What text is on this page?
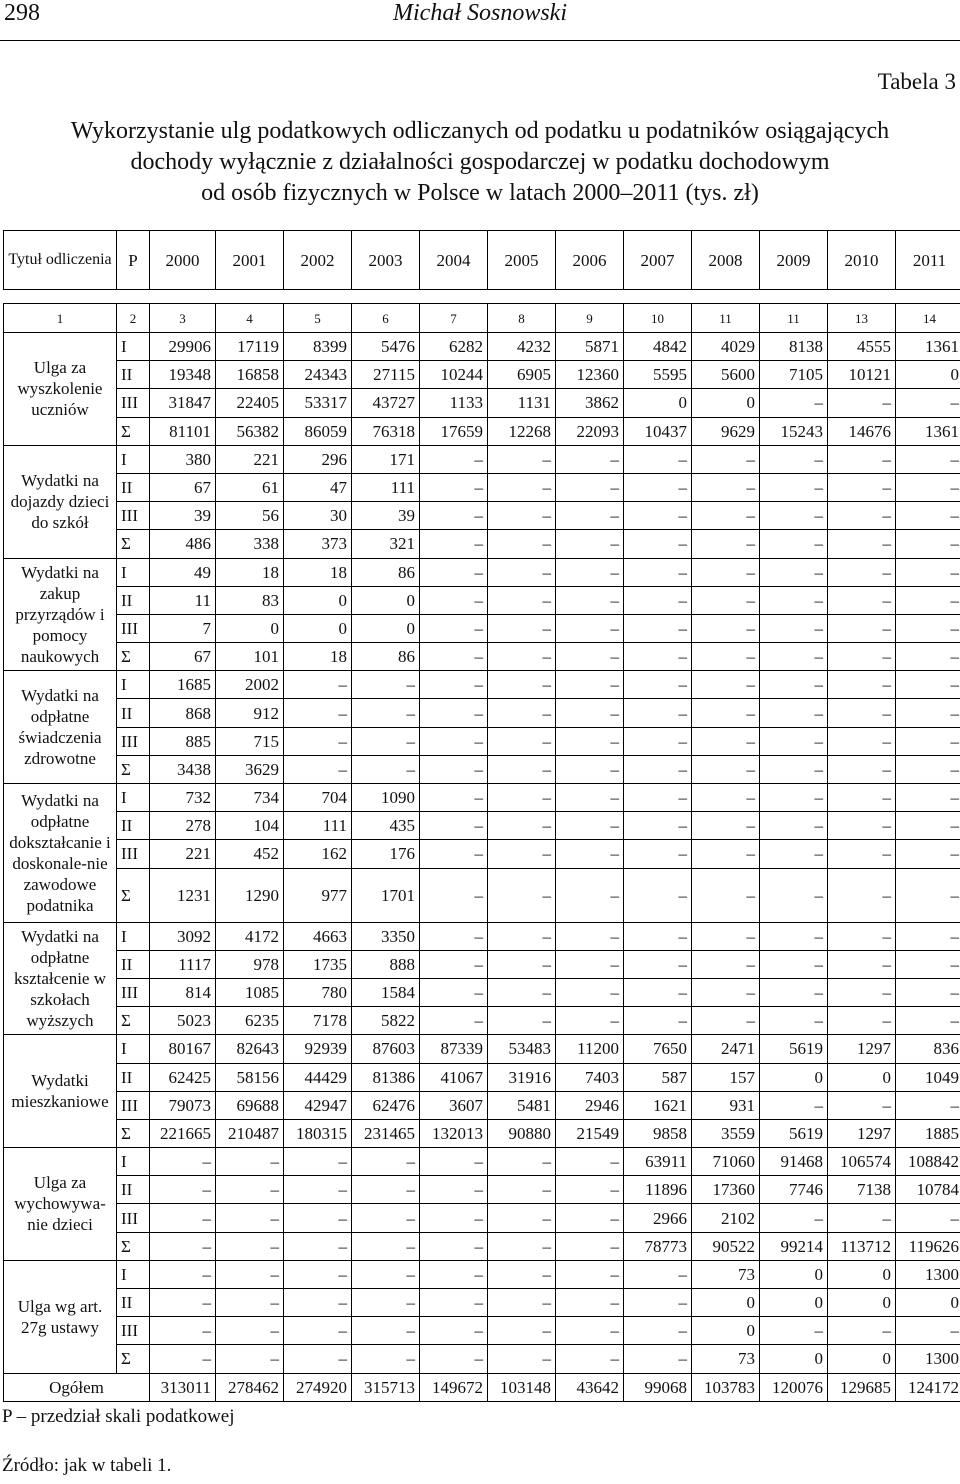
298	Michał Sosnowski
Tabela 3
Wykorzystanie ulg podatkowych odliczanych od podatku u podatników osiągających
dochody wyłącznie z działalności gospodarczej w podatku dochodowym
od osób fizycznych w Polsce w latach 2000–2011 (tys. zł)
Tytuł odliczenia	P	2000	2001	2002	2003	2004	2005	2006	2007	2008	2009	2010	2011

1	2	3	4	5	6	7	8	9	10	11	11	13	14
Ulga za wyszkolenie uczniów	I	29906	17119	8399	5476	6282	4232	5871	4842	4029	8138	4555	1361
	II	19348	16858	24343	27115	10244	6905	12360	5595	5600	7105	10121	0
	III	31847	22405	53317	43727	1133	1131	3862	0	0	–	–	–
	Σ	81101	56382	86059	76318	17659	12268	22093	10437	9629	15243	14676	1361
Wydatki na dojazdy dzieci do szkół	I	380	221	296	171	–	–	–	–	–	–	–	–
	II	67	61	47	111	–	–	–	–	–	–	–	–
	III	39	56	30	39	–	–	–	–	–	–	–	–
	Σ	486	338	373	321	–	–	–	–	–	–	–	–
Wydatki na zakup przyrządów i pomocy naukowych	I	49	18	18	86	–	–	–	–	–	–	–	–
	II	11	83	0	0	–	–	–	–	–	–	–	–
	III	7	0	0	0	–	–	–	–	–	–	–	–
	Σ	67	101	18	86	–	–	–	–	–	–	–	–
Wydatki na odpłatne świadczenia zdrowotne	I	1685	2002	–	–	–	–	–	–	–	–	–	–
	II	868	912	–	–	–	–	–	–	–	–	–	–
	III	885	715	–	–	–	–	–	–	–	–	–	–
	Σ	3438	3629	–	–	–	–	–	–	–	–	–	–
Wydatki na odpłatne dokształcanie i doskonale-nie zawodowe podatnika	I	732	734	704	1090	–	–	–	–	–	–	–	–
	II	278	104	111	435	–	–	–	–	–	–	–	–
	III	221	452	162	176	–	–	–	–	–	–	–	–
	Σ	1231	1290	977	1701	–	–	–	–	–	–	–	–
Wydatki na odpłatne kształcenie w szkołach wyższych	I	3092	4172	4663	3350	–	–	–	–	–	–	–	–
	II	1117	978	1735	888	–	–	–	–	–	–	–	–
	III	814	1085	780	1584	–	–	–	–	–	–	–	–
	Σ	5023	6235	7178	5822	–	–	–	–	–	–	–	–
Wydatki mieszkaniowe	I	80167	82643	92939	87603	87339	53483	11200	7650	2471	5619	1297	836
	II	62425	58156	44429	81386	41067	31916	7403	587	157	0	0	1049
	III	79073	69688	42947	62476	3607	5481	2946	1621	931	–	–	–
	Σ	221665	210487	180315	231465	132013	90880	21549	9858	3559	5619	1297	1885
Ulga za wychowywa-nie dzieci	I	–	–	–	–	–	–	–	63911	71060	91468	106574	108842
	II	–	–	–	–	–	–	–	11896	17360	7746	7138	10784
	III	–	–	–	–	–	–	–	2966	2102	–	–	–
	Σ	–	–	–	–	–	–	–	78773	90522	99214	113712	119626
Ulga wg art. 27g ustawy	I	–	–	–	–	–	–	–	–	73	0	0	1300
	II	–	–	–	–	–	–	–	–	0	0	0	0
	III	–	–	–	–	–	–	–	–	0	–	–	–
	Σ	–	–	–	–	–	–	–	–	73	0	0	1300
Ogółem		313011	278462	274920	315713	149672	103148	43642	99068	103783	120076	129685	124172
P – przedział skali podatkowej
Źródło: jak w tabeli 1.
